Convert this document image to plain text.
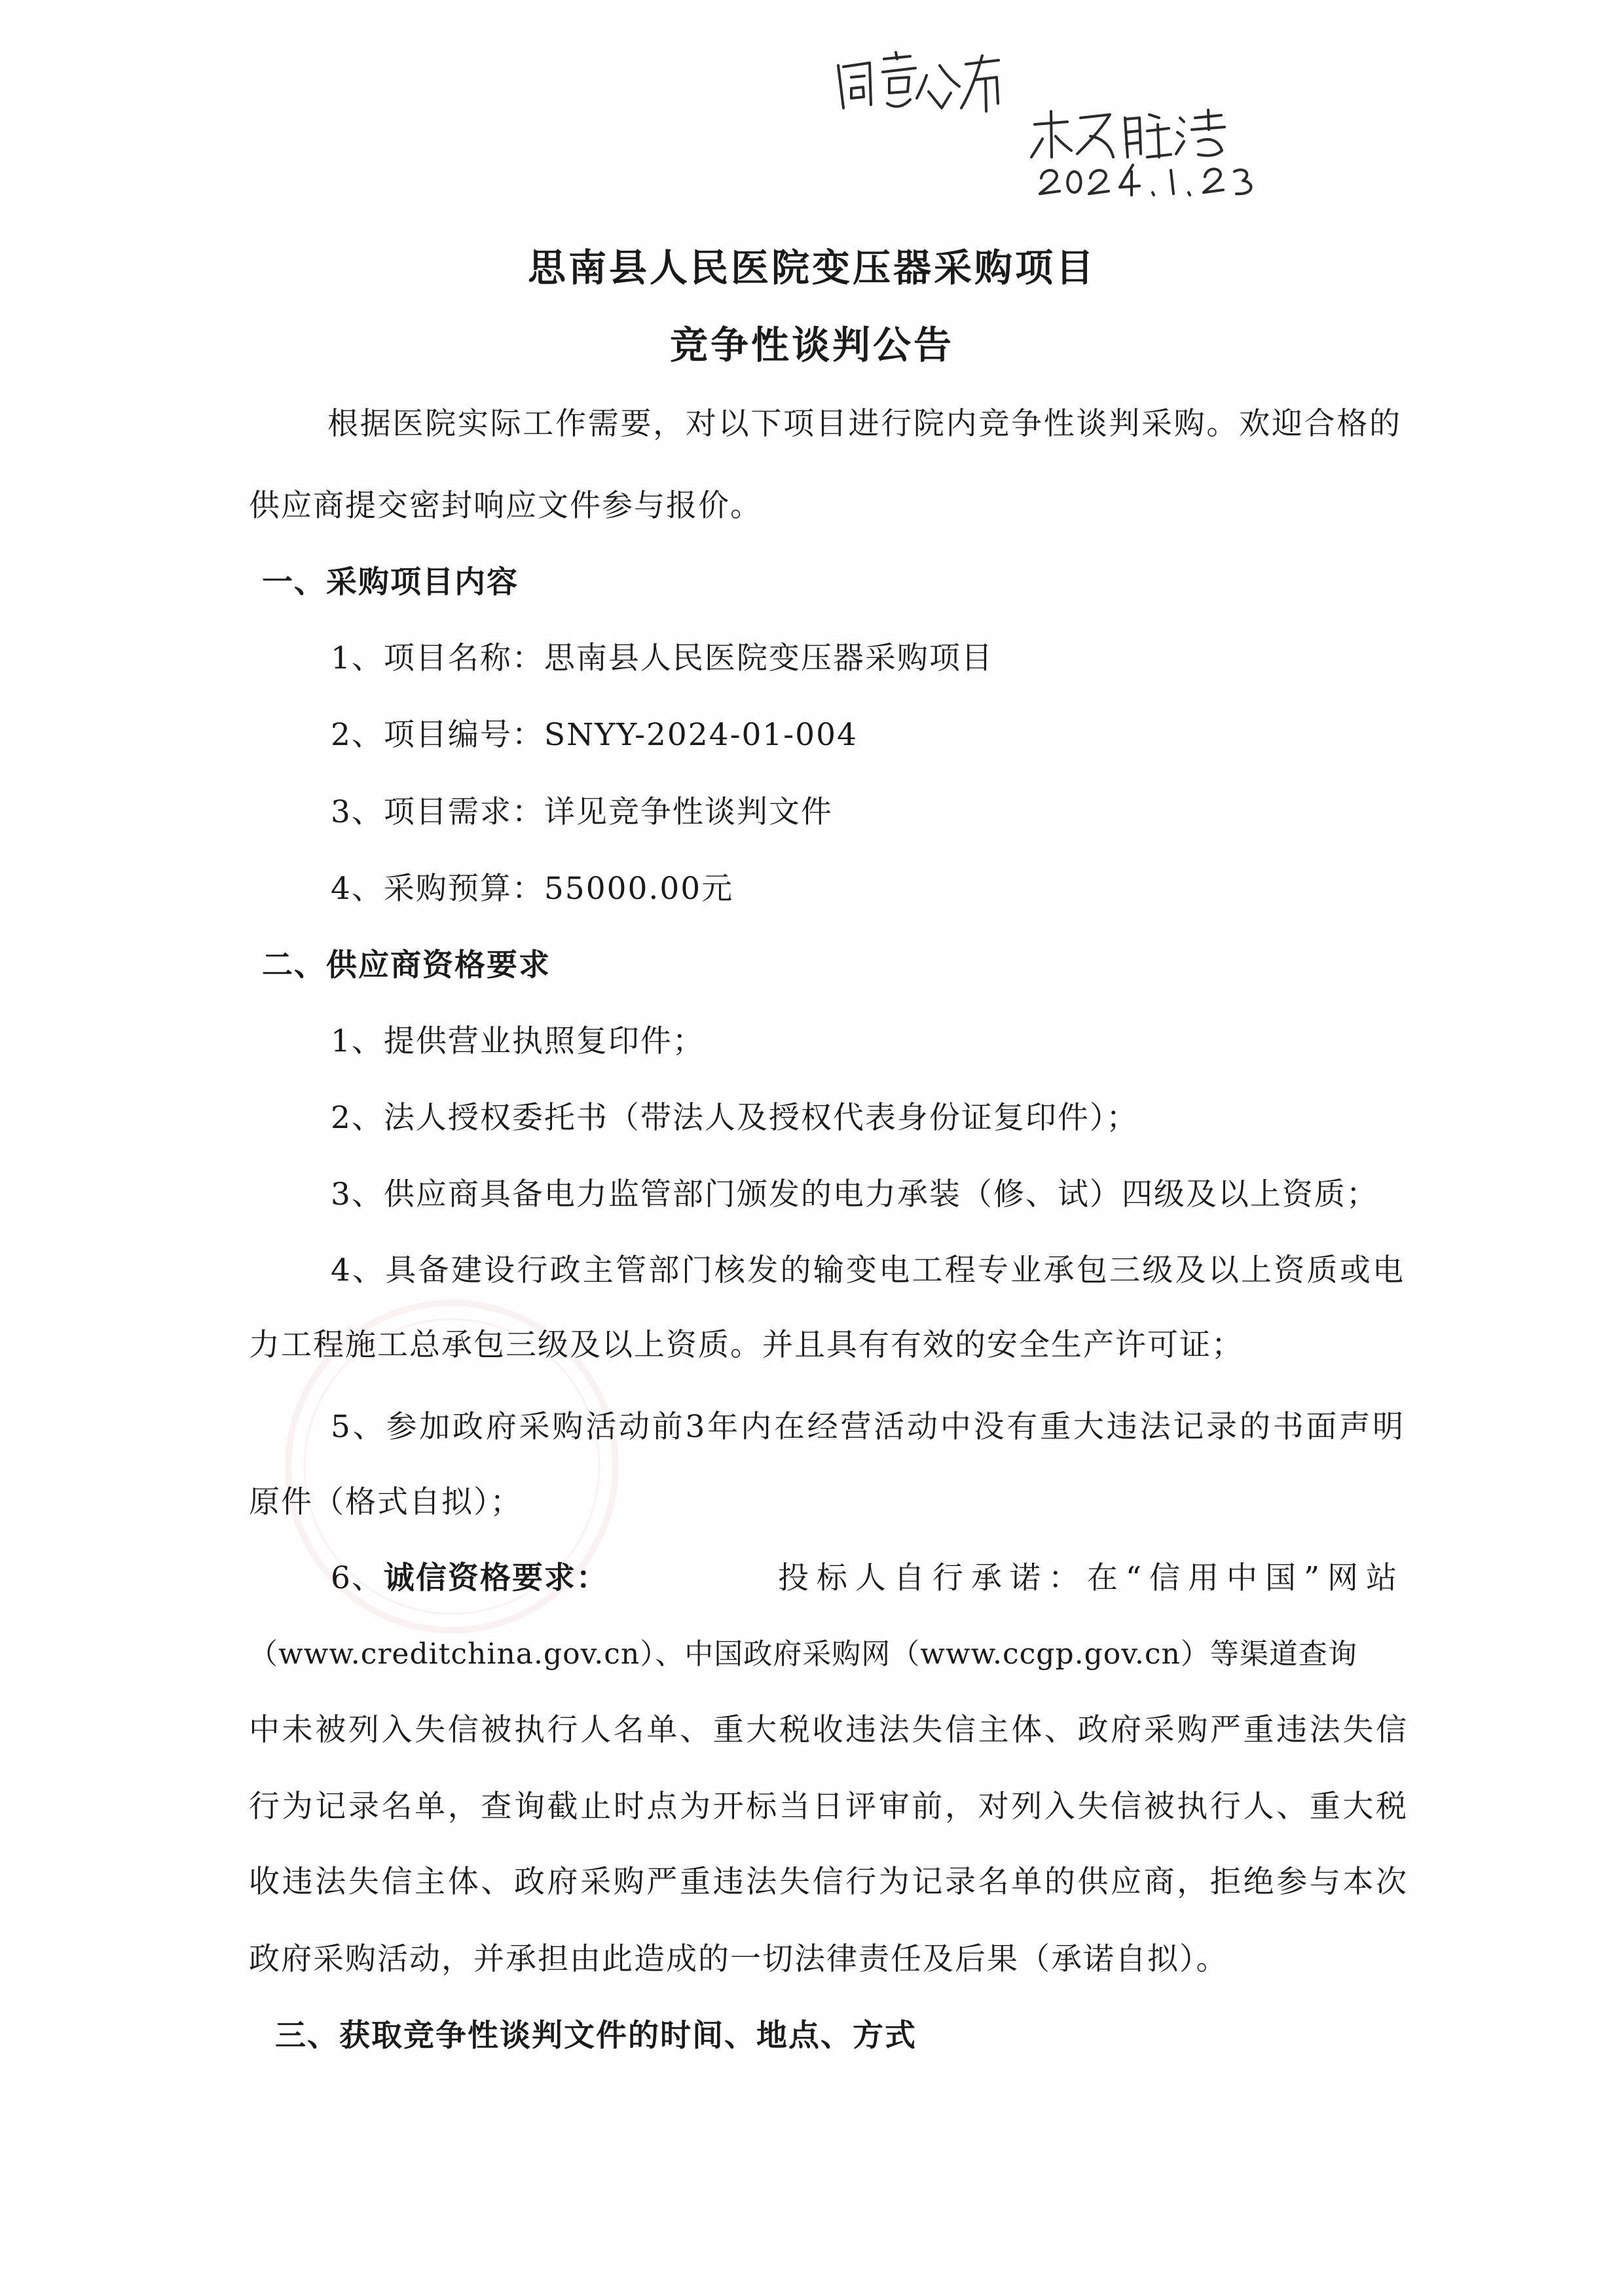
思南县人民医院变压器采购项目
竞争性谈判公告
根据医院实际工作需要，对以下项目进行院内竞争性谈判采购。欢迎合格的
供应商提交密封响应文件参与报价。
一、采购项目内容
1、项目名称：思南县人民医院变压器采购项目
2、项目编号：SNYY-2024-01-004
3、项目需求：详见竞争性谈判文件
4、采购预算：55000.00元
二、供应商资格要求
1、提供营业执照复印件；
2、法人授权委托书（带法人及授权代表身份证复印件）；
3、供应商具备电力监管部门颁发的电力承装（修、试）四级及以上资质；
4、具备建设行政主管部门核发的输变电工程专业承包三级及以上资质或电
力工程施工总承包三级及以上资质。并且具有有效的安全生产许可证；
5、参加政府采购活动前3年内在经营活动中没有重大违法记录的书面声明
原件（格式自拟）；
6、 诚信资格要求：	投标人自行承诺：在“信用中国”网站
（www.creditchina.gov.cn）、中国政府采购网（www.ccgp.gov.cn）等渠道查询
中未被列入失信被执行人名单、重大税收违法失信主体、政府采购严重违法失信
行为记录名单，查询截止时点为开标当日评审前，对列入失信被执行人、重大税
收违法失信主体、政府采购严重违法失信行为记录名单的供应商，拒绝参与本次
政府采购活动，并承担由此造成的一切法律责任及后果（承诺自拟）。
三、获取竞争性谈判文件的时间、地点、方式
